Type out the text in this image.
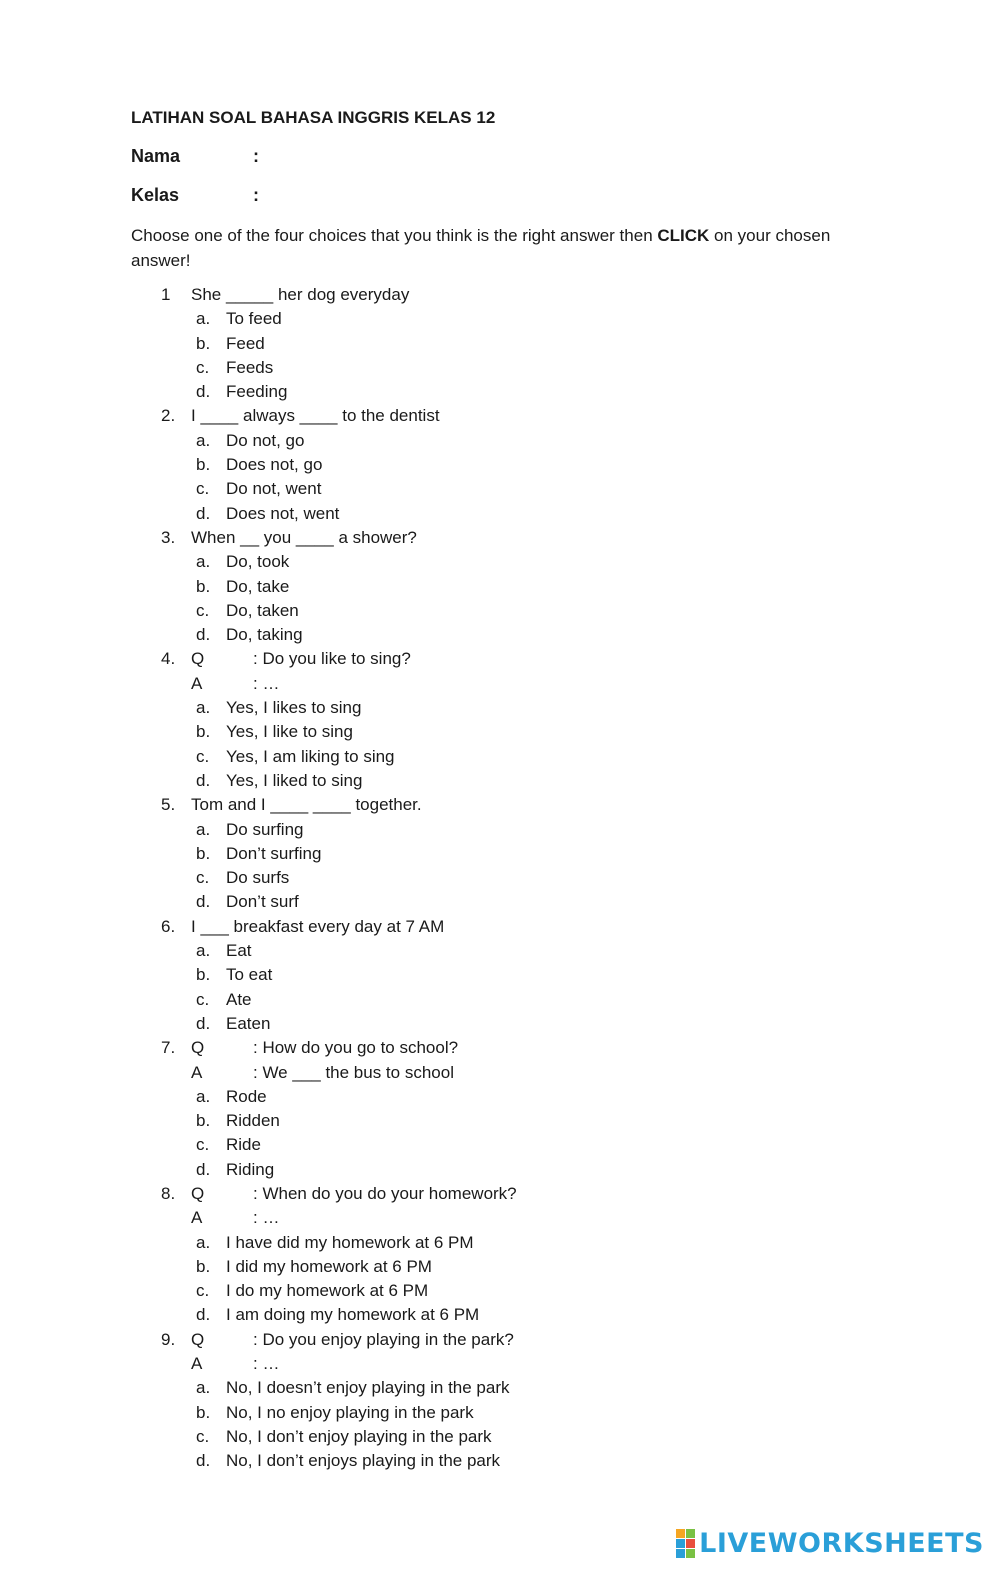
LATIHAN SOAL BAHASA INGGRIS KELAS 12
Nama	:
Kelas	:
Choose one of the four choices that you think is the right answer then CLICK on your chosen answer!
1	She _____ her dog everyday
a. To feed
b. Feed
c. Feeds
d. Feeding
2. I ____ always ____ to the dentist
a. Do not, go
b. Does not, go
c. Do not, went
d. Does not, went
3. When __ you ____ a shower?
a. Do, took
b. Do, take
c. Do, taken
d. Do, taking
4. Q	: Do you like to sing?
A	: …
a. Yes, I likes to sing
b. Yes, I like to sing
c. Yes, I am liking to sing
d. Yes, I liked to sing
5. Tom and I ____ ____ together.
a. Do surfing
b. Don’t surfing
c. Do surfs
d. Don’t surf
6. I ___ breakfast every day at 7 AM
a. Eat
b. To eat
c. Ate
d. Eaten
7. Q	: How do you go to school?
A	: We ___ the bus to school
a. Rode
b. Ridden
c. Ride
d. Riding
8. Q	: When do you do your homework?
A	: …
a. I have did my homework at 6 PM
b. I did my homework at 6 PM
c. I do my homework at 6 PM
d. I am doing my homework at 6 PM
9. Q	: Do you enjoy playing in the park?
A	: …
a. No, I doesn’t enjoy playing in the park
b. No, I no enjoy playing in the park
c. No, I don’t enjoy playing in the park
d. No, I don’t enjoys playing in the park
LIVEWORKSHEETS
